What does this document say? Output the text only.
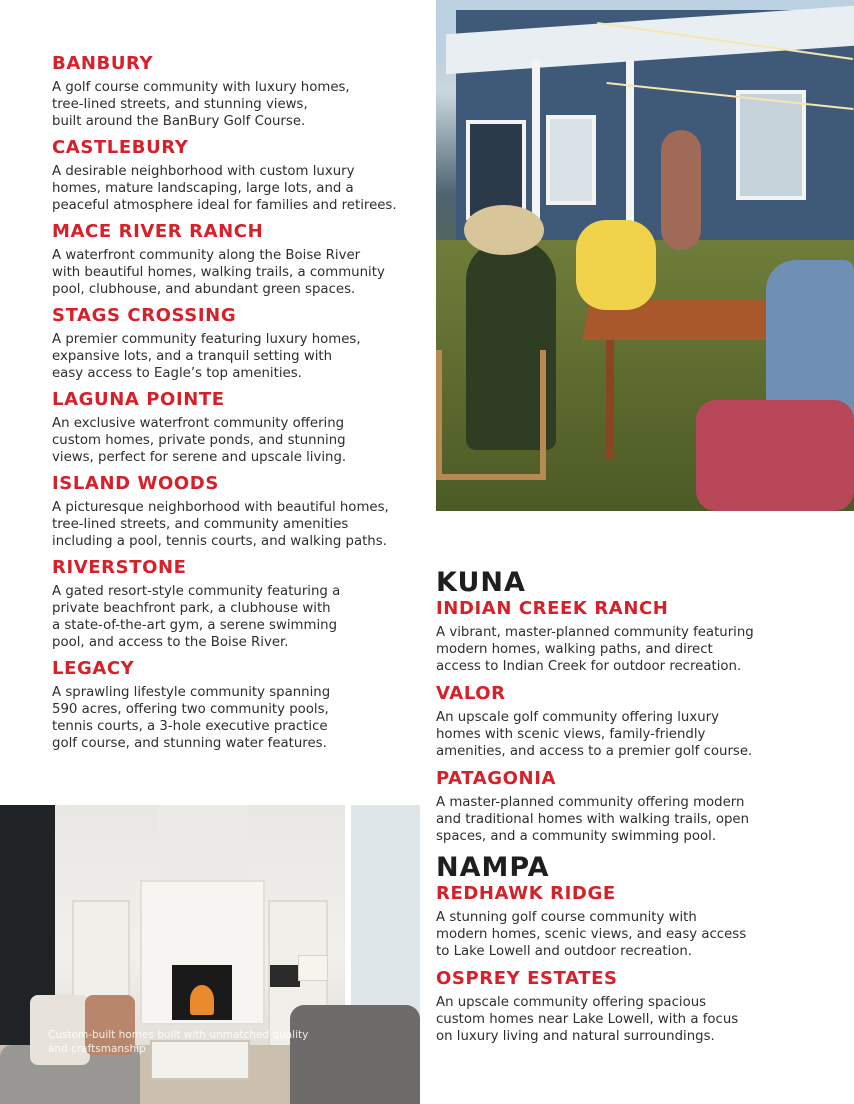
BANBURY
A golf course community with luxury homes,
tree-lined streets, and stunning views,
built around the BanBury Golf Course.
CASTLEBURY
A desirable neighborhood with custom luxury
homes, mature landscaping, large lots, and a
peaceful atmosphere ideal for families and retirees.
MACE RIVER RANCH
A waterfront community along the Boise River
with beautiful homes, walking trails, a community
pool, clubhouse, and abundant green spaces.
STAGS CROSSING
A premier community featuring luxury homes,
expansive lots, and a tranquil setting with
easy access to Eagle’s top amenities.
LAGUNA POINTE
An exclusive waterfront community offering
custom homes, private ponds, and stunning
views, perfect for serene and upscale living.
ISLAND WOODS
A picturesque neighborhood with beautiful homes,
tree-lined streets, and community amenities
including a pool, tennis courts, and walking paths.
RIVERSTONE
A gated resort-style community featuring a
private beachfront park, a clubhouse with
a state-of-the-art gym, a serene swimming
pool, and access to the Boise River.
LEGACY
A sprawling lifestyle community spanning
590 acres, offering two community pools,
tennis courts, a 3-hole executive practice
golf course, and stunning water features.
KUNA
INDIAN CREEK RANCH
A vibrant, master-planned community featuring
modern homes, walking paths, and direct
access to Indian Creek for outdoor recreation.
VALOR
An upscale golf community offering luxury
homes with scenic views, family-friendly
amenities, and access to a premier golf course.
PATAGONIA
A master-planned community offering modern
and traditional homes with walking trails, open
spaces, and a community swimming pool.
NAMPA
REDHAWK RIDGE
A stunning golf course community with
modern homes, scenic views, and easy access
to Lake Lowell and outdoor recreation.
OSPREY ESTATES
An upscale community offering spacious
custom homes near Lake Lowell, with a focus
on luxury living and natural surroundings.
Custom-built homes built with unmatched quality
and craftsmanship
